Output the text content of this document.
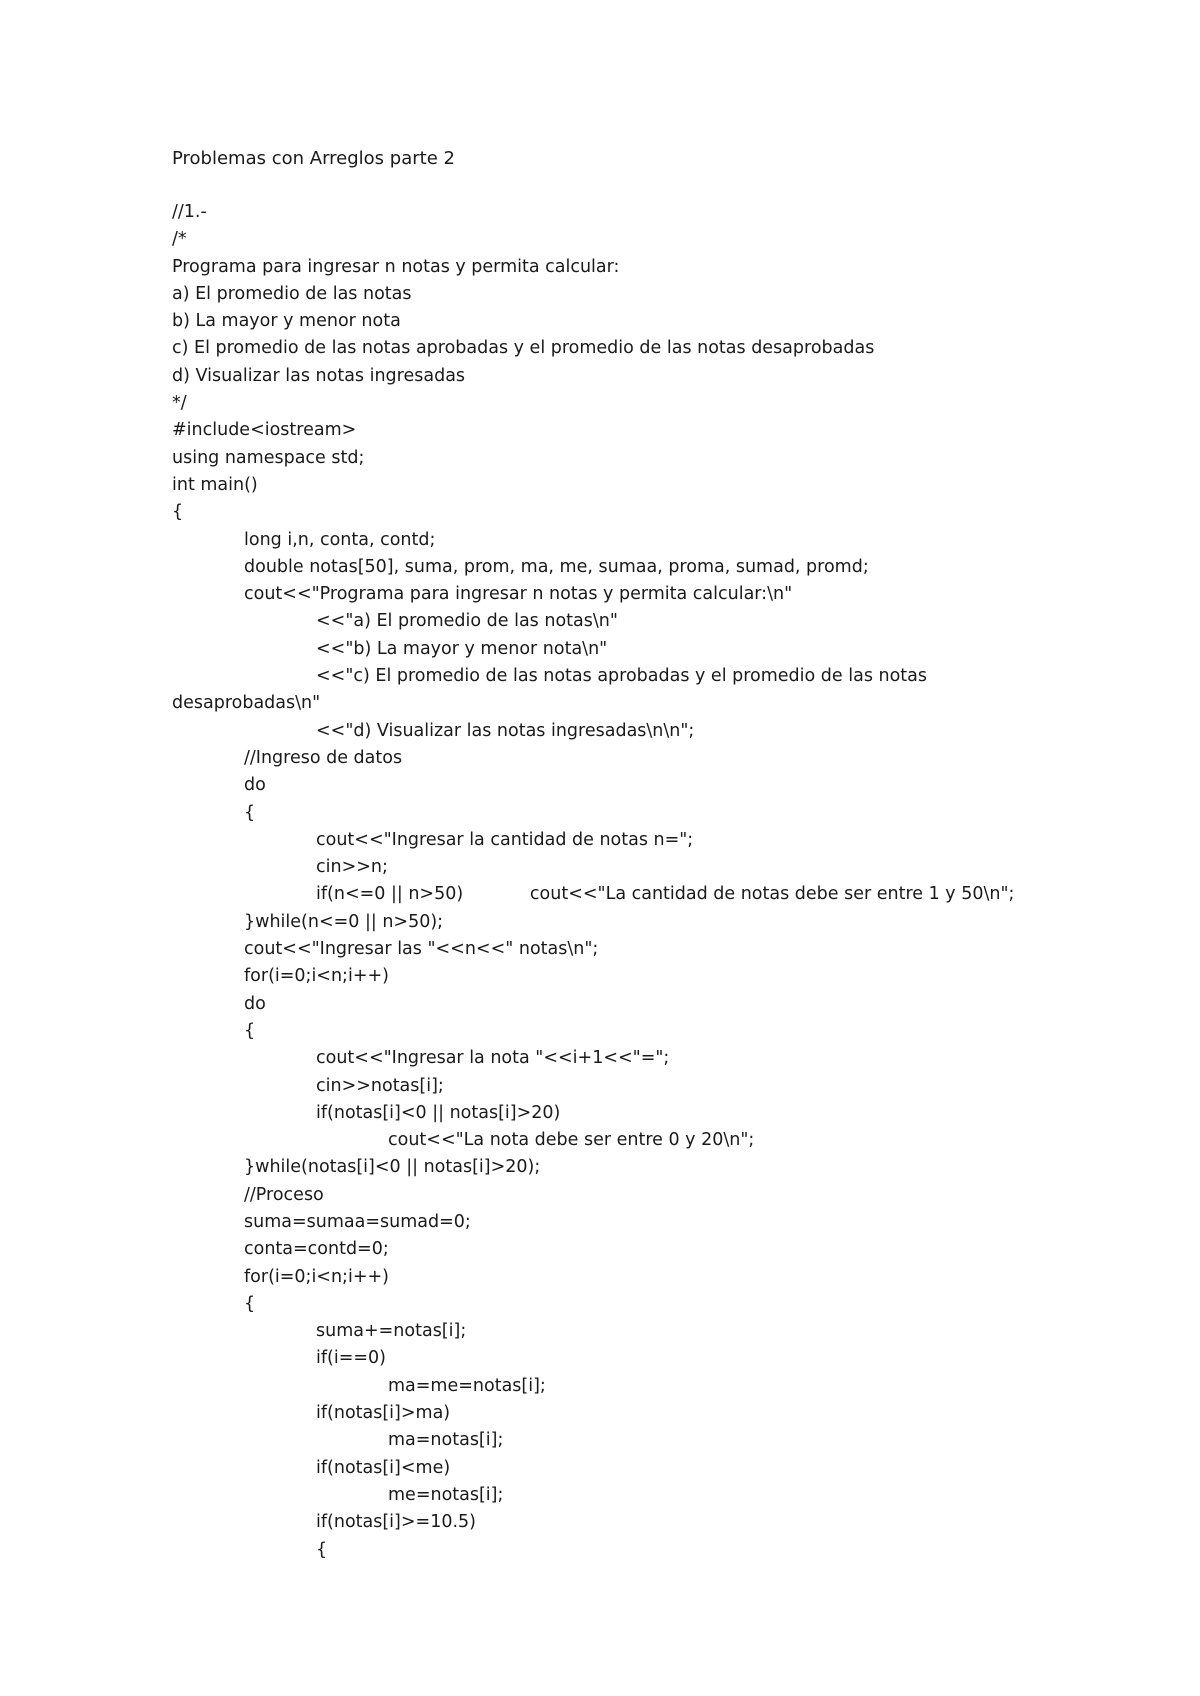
Problemas con Arreglos parte 2
//1.-
/*
Programa para ingresar n notas y permita calcular:
a) El promedio de las notas
b) La mayor y menor nota
c) El promedio de las notas aprobadas y el promedio de las notas desaprobadas
d) Visualizar las notas ingresadas
*/
#include<iostream>
using namespace std;
int main()
{
long i,n, conta, contd;
double notas[50], suma, prom, ma, me, sumaa, proma, sumad, promd;
cout<<"Programa para ingresar n notas y permita calcular:\n"
<<"a) El promedio de las notas\n"
<<"b) La mayor y menor nota\n"
<<"c) El promedio de las notas aprobadas y el promedio de las notas
desaprobadas\n"
<<"d) Visualizar las notas ingresadas\n\n";
//Ingreso de datos
do
{
cout<<"Ingresar la cantidad de notas n=";
cin>>n;
if(n<=0 || n>50)            cout<<"La cantidad de notas debe ser entre 1 y 50\n";
}while(n<=0 || n>50);
cout<<"Ingresar las "<<n<<" notas\n";
for(i=0;i<n;i++)
do
{
cout<<"Ingresar la nota "<<i+1<<"=";
cin>>notas[i];
if(notas[i]<0 || notas[i]>20)
cout<<"La nota debe ser entre 0 y 20\n";
}while(notas[i]<0 || notas[i]>20);
//Proceso
suma=sumaa=sumad=0;
conta=contd=0;
for(i=0;i<n;i++)
{
suma+=notas[i];
if(i==0)
ma=me=notas[i];
if(notas[i]>ma)
ma=notas[i];
if(notas[i]<me)
me=notas[i];
if(notas[i]>=10.5)
{
